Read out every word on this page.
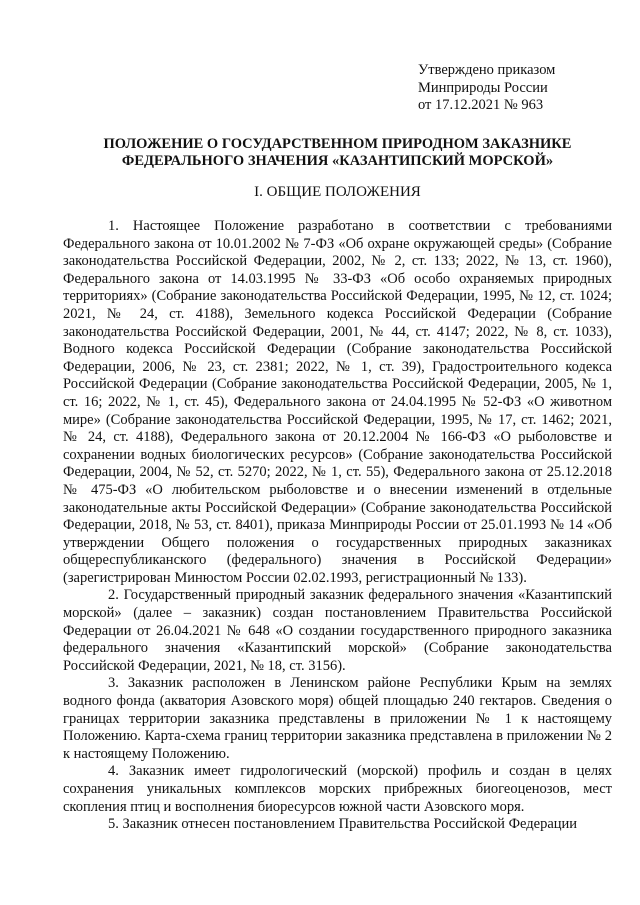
Утверждено приказом
Минприроды России
от 17.12.2021 № 963
ПОЛОЖЕНИЕ О ГОСУДАРСТВЕННОМ ПРИРОДНОМ ЗАКАЗНИКЕ
ФЕДЕРАЛЬНОГО ЗНАЧЕНИЯ «КАЗАНТИПСКИЙ МОРСКОЙ»
I. ОБЩИЕ ПОЛОЖЕНИЯ

1. Настоящее Положение разработано в соответствии с требованиями Федерального закона от 10.01.2002 № 7-ФЗ «Об охране окружающей среды» (Собрание законодательства Российской Федерации, 2002, № 2, ст. 133; 2022, № 13, ст. 1960), Федерального закона от 14.03.1995 № 33-ФЗ «Об особо охраняемых природных территориях» (Собрание законодательства Российской Федерации, 1995, № 12, ст. 1024; 2021, № 24, ст. 4188), Земельного кодекса Российской Федерации (Собрание законодательства Российской Федерации, 2001, № 44, ст. 4147; 2022, № 8, ст. 1033), Водного кодекса Российской Федерации (Собрание законодательства Российской Федерации, 2006, № 23, ст. 2381; 2022, № 1, ст. 39), Градостроительного кодекса Российской Федерации (Собрание законодательства Российской Федерации, 2005, № 1, ст. 16; 2022, № 1, ст. 45), Федерального закона от 24.04.1995 № 52-ФЗ «О животном мире» (Собрание законодательства Российской Федерации, 1995, № 17, ст. 1462; 2021, № 24, ст. 4188), Федерального закона от 20.12.2004 № 166-ФЗ «О рыболовстве и сохранении водных биологических ресурсов» (Собрание законодательства Российской Федерации, 2004, № 52, ст. 5270; 2022, № 1, ст. 55), Федерального закона от 25.12.2018 № 475-ФЗ «О любительском рыболовстве и о внесении изменений в отдельные законодательные акты Российской Федерации» (Собрание законодательства Российской Федерации, 2018, № 53, ст. 8401), приказа Минприроды России от 25.01.1993 № 14 «Об утверждении Общего положения о государственных природных заказниках общереспубликанского (федерального) значения в Российской Федерации» (зарегистрирован Минюстом России 02.02.1993, регистрационный № 133).

2. Государственный природный заказник федерального значения «Казантипский морской» (далее – заказник) создан постановлением Правительства Российской Федерации от 26.04.2021 № 648 «О создании государственного природного заказника федерального значения «Казантипский морской» (Собрание законодательства Российской Федерации, 2021, № 18, ст. 3156).

3. Заказник расположен в Ленинском районе Республики Крым на землях водного фонда (акватория Азовского моря) общей площадью 240 гектаров. Сведения о границах территории заказника представлены в приложении № 1 к настоящему Положению. Карта-схема границ территории заказника представлена в приложении № 2 к настоящему Положению.

4. Заказник имеет гидрологический (морской) профиль и создан в целях сохранения уникальных комплексов морских прибрежных биогеоценозов, мест скопления птиц и восполнения биоресурсов южной части Азовского моря.

5. Заказник отнесен постановлением Правительства Российской Федерации
